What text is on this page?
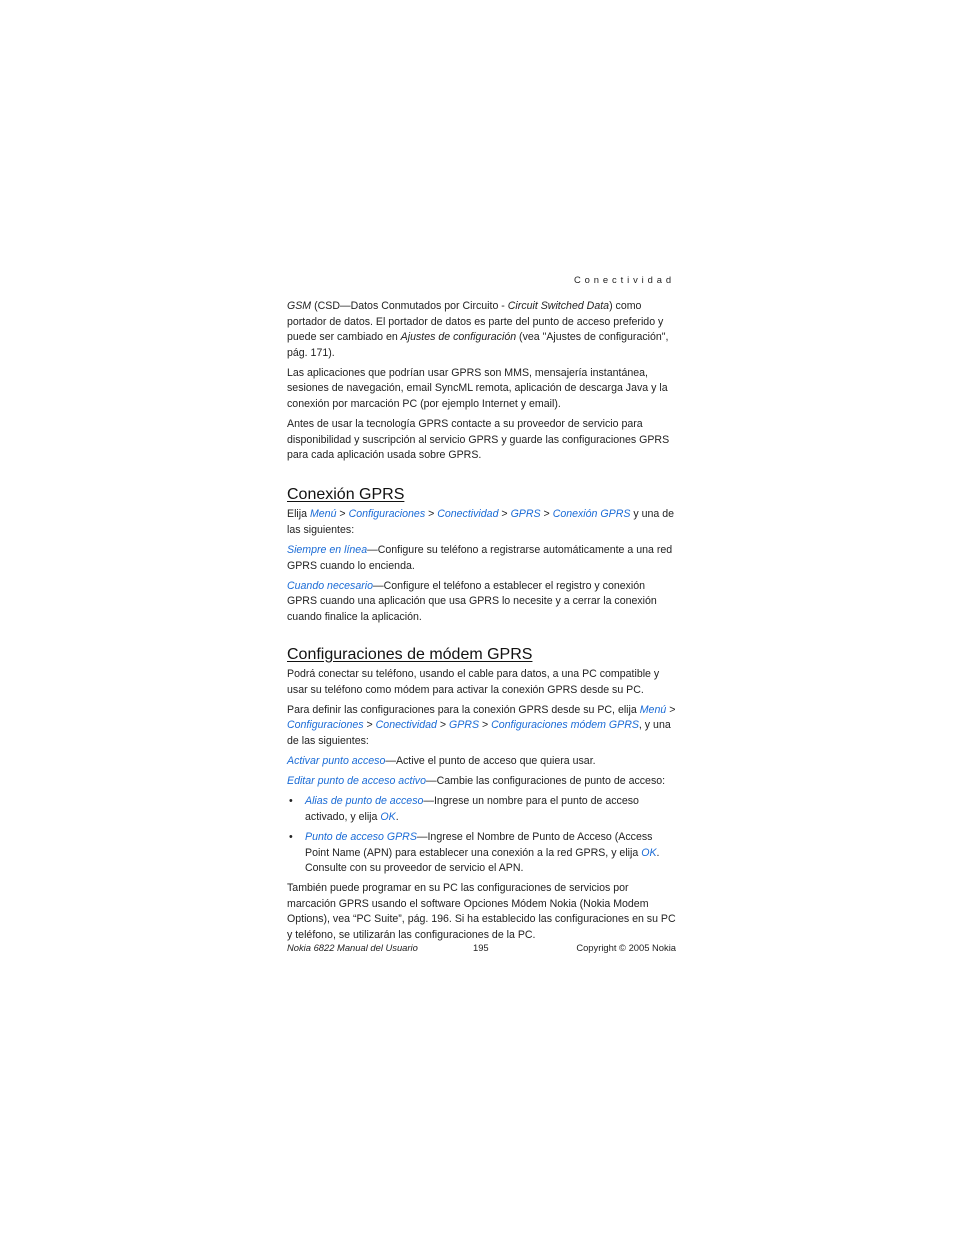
Conectividad

GSM (CSD—Datos Conmutados por Circuito - Circuit Switched Data) como portador de datos. El portador de datos es parte del punto de acceso preferido y puede ser cambiado en Ajustes de configuración (vea "Ajustes de configuración", pág. 171).

Las aplicaciones que podrían usar GPRS son MMS, mensajería instantánea, sesiones de navegación, email SyncML remota, aplicación de descarga Java y la conexión por marcación PC (por ejemplo Internet y email).

Antes de usar la tecnología GPRS contacte a su proveedor de servicio para disponibilidad y suscripción al servicio GPRS y guarde las configuraciones GPRS para cada aplicación usada sobre GPRS.

Conexión GPRS

Elija Menú > Configuraciones > Conectividad > GPRS > Conexión GPRS y una de las siguientes:

Siempre en línea—Configure su teléfono a registrarse automáticamente a una red GPRS cuando lo encienda.

Cuando necesario—Configure el teléfono a establecer el registro y conexión GPRS cuando una aplicación que usa GPRS lo necesite y a cerrar la conexión cuando finalice la aplicación.

Configuraciones de módem GPRS

Podrá conectar su teléfono, usando el cable para datos, a una PC compatible y usar su teléfono como módem para activar la conexión GPRS desde su PC.

Para definir las configuraciones para la conexión GPRS desde su PC, elija Menú > Configuraciones > Conectividad > GPRS > Configuraciones módem GPRS, y una de las siguientes:

Activar punto acceso—Active el punto de acceso que quiera usar.

Editar punto de acceso activo—Cambie las configuraciones de punto de acceso:

• Alias de punto de acceso—Ingrese un nombre para el punto de acceso activado, y elija OK.
• Punto de acceso GPRS—Ingrese el Nombre de Punto de Acceso (Access Point Name (APN) para establecer una conexión a la red GPRS, y elija OK. Consulte con su proveedor de servicio el APN.

También puede programar en su PC las configuraciones de servicios por marcación GPRS usando el software Opciones Módem Nokia (Nokia Modem Options), vea “PC Suite”, pág. 196. Si ha establecido las configuraciones en su PC y teléfono, se utilizarán las configuraciones de la PC.

Nokia 6822 Manual del Usuario	195	Copyright © 2005 Nokia
